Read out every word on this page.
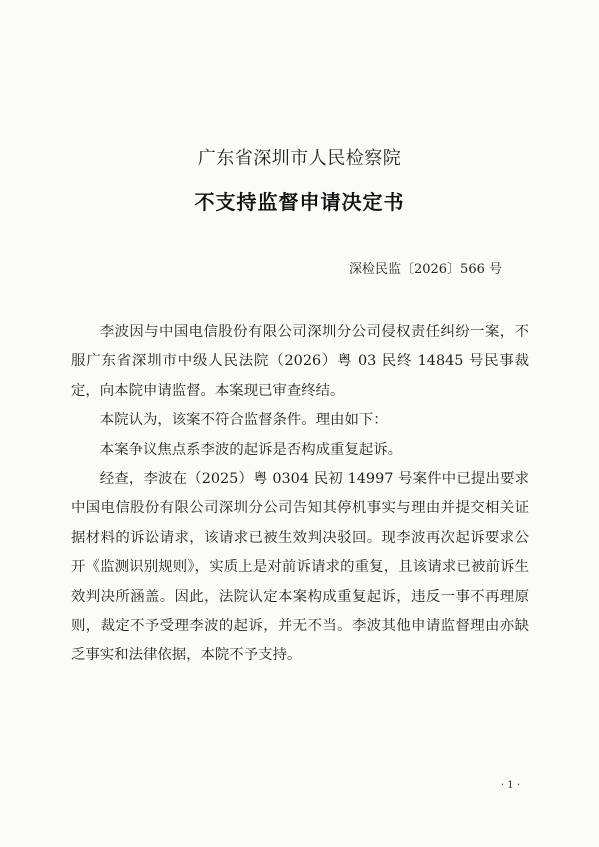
广东省深圳市人民检察院
不支持监督申请决定书
深检民监〔2026〕566 号

李波因与中国电信股份有限公司深圳分公司侵权责任纠纷一案，不服广东省深圳市中级人民法院（2026）粤 03 民终 14845 号民事裁定，向本院申请监督。本案现已审查终结。

本院认为，该案不符合监督条件。理由如下：

本案争议焦点系李波的起诉是否构成重复起诉。

经查，李波在（2025）粤 0304 民初 14997 号案件中已提出要求中国电信股份有限公司深圳分公司告知其停机事实与理由并提交相关证据材料的诉讼请求，该请求已被生效判决驳回。现李波再次起诉要求公开《监测识别规则》，实质上是对前诉请求的重复，且该请求已被前诉生效判决所涵盖。因此，法院认定本案构成重复起诉，违反一事不再理原则，裁定不予受理李波的起诉，并无不当。李波其他申请监督理由亦缺乏事实和法律依据，本院不予支持。

· 1 ·
